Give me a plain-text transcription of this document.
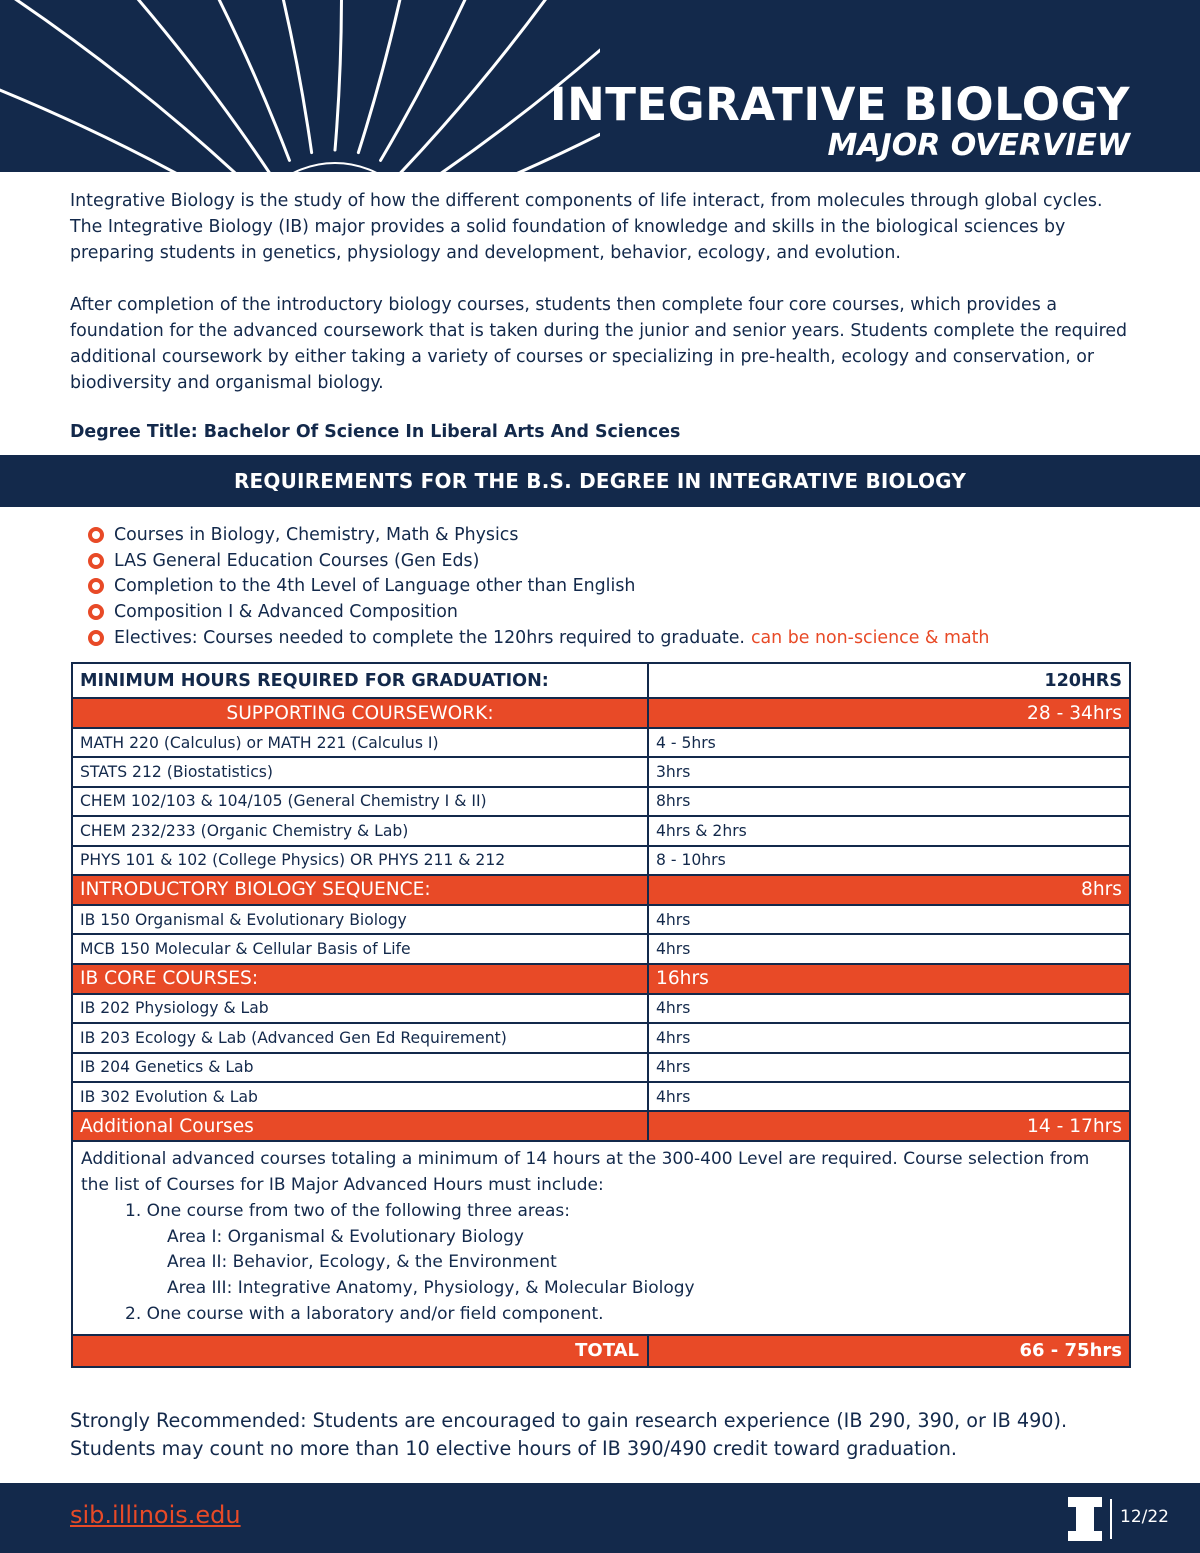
INTEGRATIVE BIOLOGY
MAJOR OVERVIEW

Integrative Biology is the study of how the different components of life interact, from molecules through global cycles. The Integrative Biology (IB) major provides a solid foundation of knowledge and skills in the biological sciences by preparing students in genetics, physiology and development, behavior, ecology, and evolution.

After completion of the introductory biology courses, students then complete four core courses, which provides a foundation for the advanced coursework that is taken during the junior and senior years. Students complete the required additional coursework by either taking a variety of courses or specializing in pre-health, ecology and conservation, or biodiversity and organismal biology.

Degree Title: Bachelor Of Science In Liberal Arts And Sciences
REQUIREMENTS FOR THE B.S. DEGREE IN INTEGRATIVE BIOLOGY
Courses in Biology, Chemistry, Math & Physics
LAS General Education Courses (Gen Eds)
Completion to the 4th Level of Language other than English
Composition I & Advanced Composition
Electives: Courses needed to complete the 120hrs required to graduate. can be non-science & math
MINIMUM HOURS REQUIRED FOR GRADUATION:	120HRS
SUPPORTING COURSEWORK:	28 - 34hrs
MATH 220 (Calculus) or MATH 221 (Calculus I)	4 - 5hrs
STATS 212 (Biostatistics)	3hrs
CHEM 102/103 & 104/105 (General Chemistry I & II)	8hrs
CHEM 232/233 (Organic Chemistry & Lab)	4hrs & 2hrs
PHYS 101 & 102 (College Physics) OR PHYS 211 & 212	8 - 10hrs
INTRODUCTORY BIOLOGY SEQUENCE:	8hrs
IB 150 Organismal & Evolutionary Biology	4hrs
MCB 150 Molecular & Cellular Basis of Life	4hrs
IB CORE COURSES:	16hrs
IB 202 Physiology & Lab	4hrs
IB 203 Ecology & Lab (Advanced Gen Ed Requirement)	4hrs
IB 204 Genetics & Lab	4hrs
IB 302 Evolution & Lab	4hrs
Additional Courses	14 - 17hrs
Additional advanced courses totaling a minimum of 14 hours at the 300-400 Level are required. Course selection from the list of Courses for IB Major Advanced Hours must include:
1. One course from two of the following three areas:
Area I: Organismal & Evolutionary Biology
Area II: Behavior, Ecology, & the Environment
Area III: Integrative Anatomy, Physiology, & Molecular Biology
2. One course with a laboratory and/or field component.
TOTAL	66 - 75hrs
Strongly Recommended: Students are encouraged to gain research experience (IB 290, 390, or IB 490).
Students may count no more than 10 elective hours of IB 390/490 credit toward graduation.
sib.illinois.edu	12/22
